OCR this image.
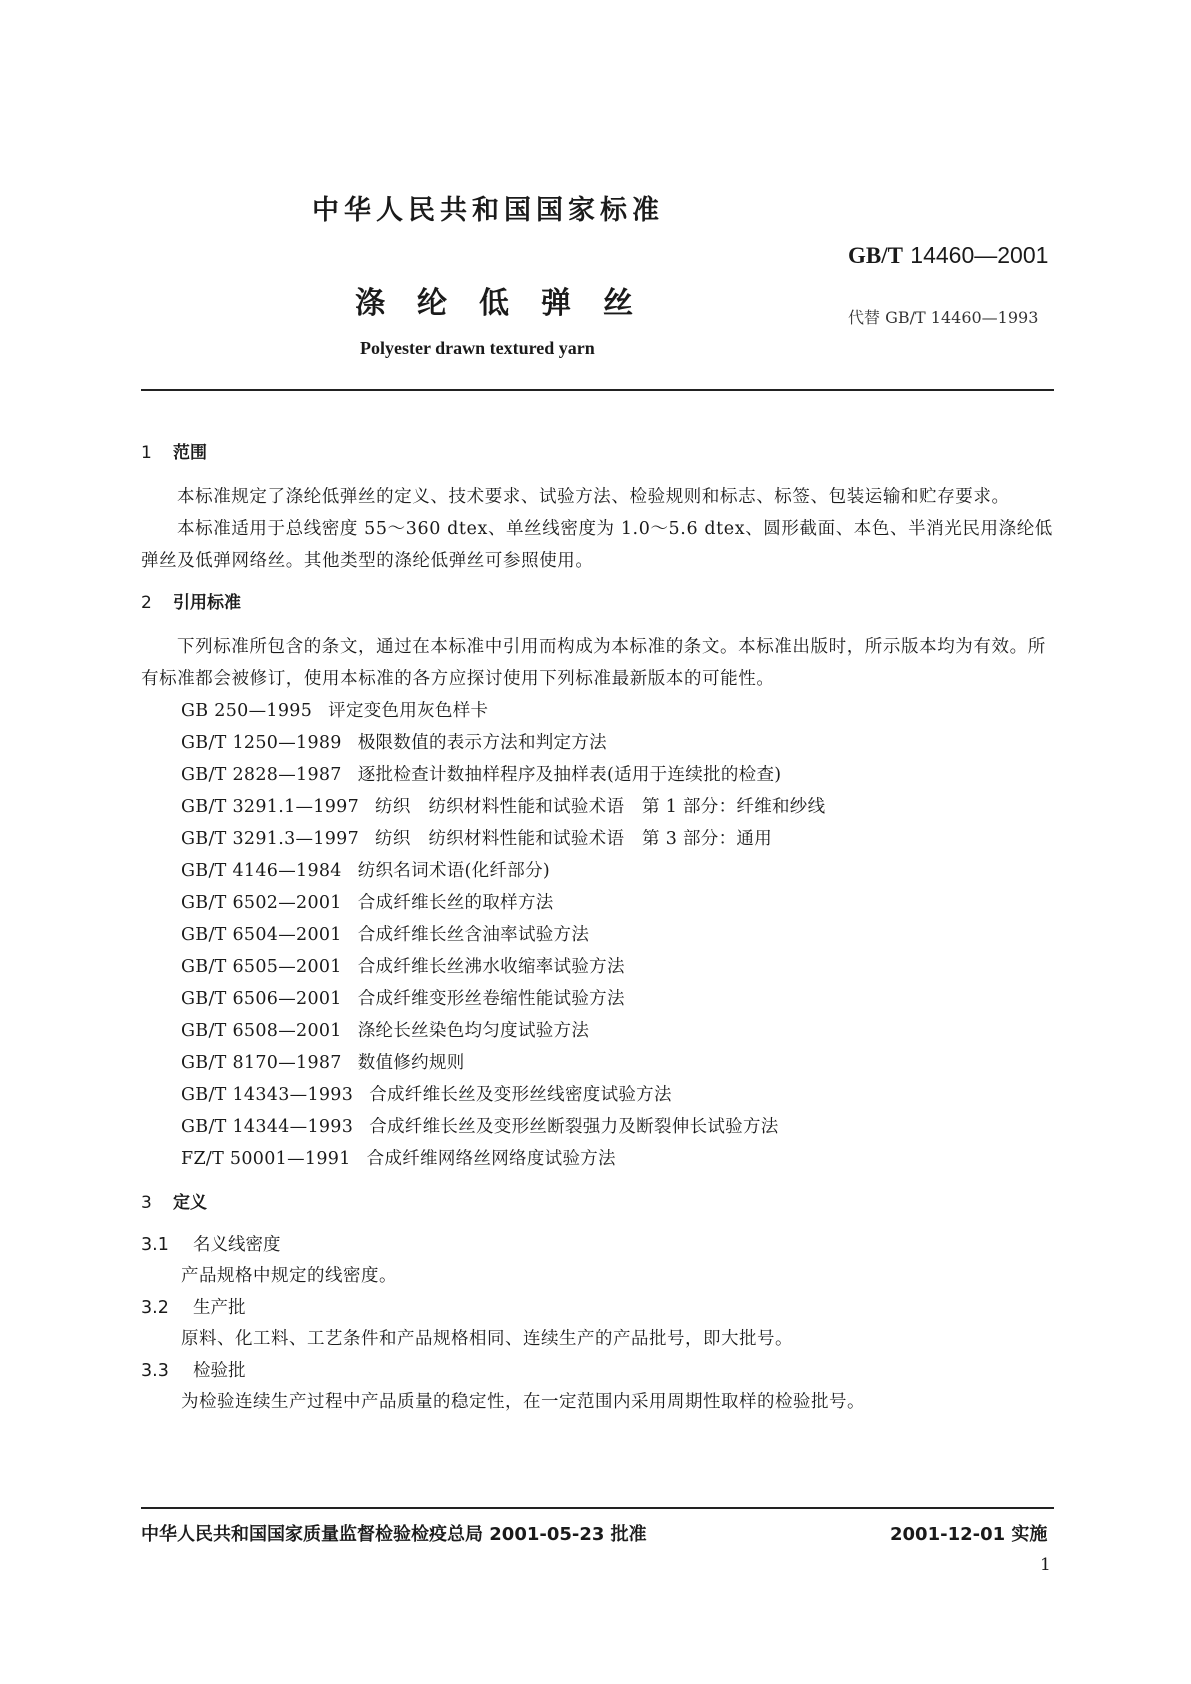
中华人民共和国国家标准
GB/T 14460—2001
涤纶低弹丝	代替 GB/T 14460—1993
Polyester drawn textured yarn

1 范围

本标准规定了涤纶低弹丝的定义、技术要求、试验方法、检验规则和标志、标签、包装运输和贮存要求。

本标准适用于总线密度 55～360 dtex、单丝线密度为 1.0～5.6 dtex、圆形截面、本色、半消光民用涤纶低弹丝及低弹网络丝。其他类型的涤纶低弹丝可参照使用。

2 引用标准

下列标准所包含的条文，通过在本标准中引用而构成为本标准的条文。本标准出版时，所示版本均为有效。所有标准都会被修订，使用本标准的各方应探讨使用下列标准最新版本的可能性。

GB 250—1995 评定变色用灰色样卡

GB/T 1250—1989 极限数值的表示方法和判定方法

GB/T 2828—1987 逐批检查计数抽样程序及抽样表(适用于连续批的检查)

GB/T 3291.1—1997 纺织　纺织材料性能和试验术语　第 1 部分：纤维和纱线

GB/T 3291.3—1997 纺织　纺织材料性能和试验术语　第 3 部分：通用

GB/T 4146—1984 纺织名词术语(化纤部分)

GB/T 6502—2001 合成纤维长丝的取样方法

GB/T 6504—2001 合成纤维长丝含油率试验方法

GB/T 6505—2001 合成纤维长丝沸水收缩率试验方法

GB/T 6506—2001 合成纤维变形丝卷缩性能试验方法

GB/T 6508—2001 涤纶长丝染色均匀度试验方法

GB/T 8170—1987 数值修约规则

GB/T 14343—1993 合成纤维长丝及变形丝线密度试验方法

GB/T 14344—1993 合成纤维长丝及变形丝断裂强力及断裂伸长试验方法

FZ/T 50001—1991 合成纤维网络丝网络度试验方法

3 定义

3.1 名义线密度

产品规格中规定的线密度。

3.2 生产批

原料、化工料、工艺条件和产品规格相同、连续生产的产品批号，即大批号。

3.3 检验批

为检验连续生产过程中产品质量的稳定性，在一定范围内采用周期性取样的检验批号。

中华人民共和国国家质量监督检验检疫总局 2001-05-23 批准	2001-12-01 实施
1
